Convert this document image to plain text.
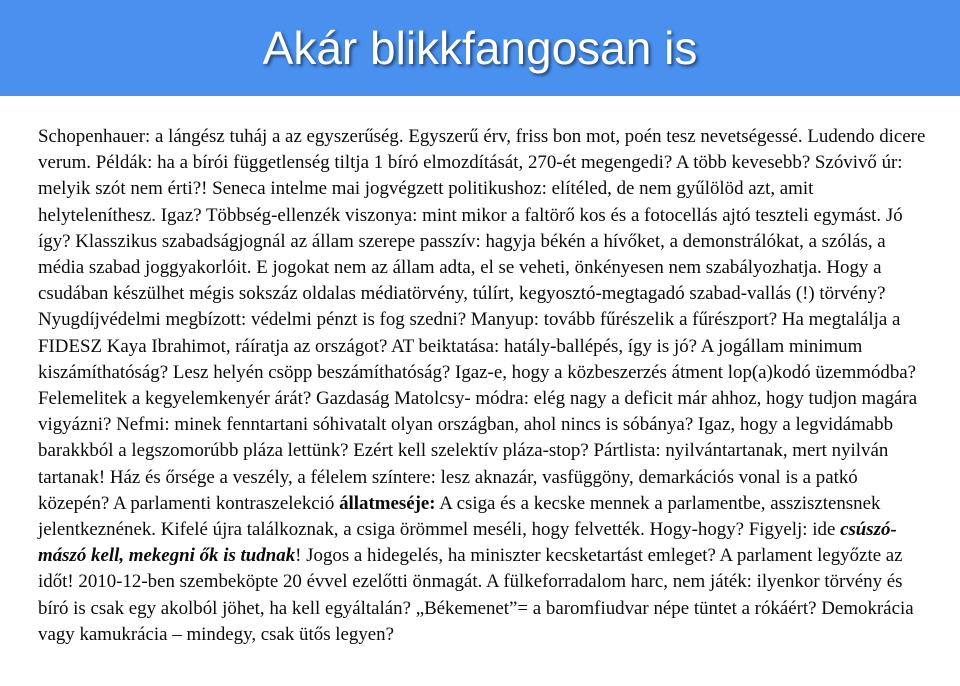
Akár blikkfangosan is
Schopenhauer: a lángész tuháj a az egyszerűség. Egyszerű érv, friss bon mot, poén tesz nevetségessé. Ludendo dicere verum. Példák: ha a bírói függetlenség tiltja 1 bíró elmozdítását, 270-ét megengedi? A több kevesebb? Szóvivő úr: melyik szót nem érti?! Seneca intelme mai jogvégzett politikushoz: elítéled, de nem gyűlölöd azt, amit helyteleníthesz. Igaz? Többség-ellenzék viszonya: mint mikor a faltörő kos és a fotocellás ajtó teszteli egymást. Jó így? Klasszikus szabadságjognál az állam szerepe passzív: hagyja békén a hívőket, a demonstrálókat, a szólás, a média szabad joggyakorlóit. E jogokat nem az állam adta, el se veheti, önkényesen nem szabályozhatja. Hogy a csudában készülhet mégis sokszáz oldalas médiatörvény, túlírt, kegyosztó-megtagadó szabad-vallás (!) törvény? Nyugdíjvédelmi megbízott: védelmi pénzt is fog szedni? Manyup: tovább fűrészelik a fűrészport? Ha megtalálja a FIDESZ Kaya Ibrahimot, ráíratja az országot? AT beiktatása: hatály-ballépés, így is jó? A jogállam minimum kiszámíthatóság? Lesz helyén csöpp beszámíthatóság? Igaz-e, hogy a közbeszerzés átment lop(a)kodó üzemmódba? Felemelitek a kegyelemkenyér árát? Gazdaság Matolcsy- módra: elég nagy a deficit már ahhoz, hogy tudjon magára vigyázni? Nefmi: minek fenntartani sóhivatalt olyan országban, ahol nincs is sóbánya? Igaz, hogy a legvidámabb barakkból a legszomorúbb pláza lettünk? Ezért kell szelektív pláza-stop? Pártlista: nyilvántartanak, mert nyilván tartanak! Ház és őrsége a veszély, a félelem színtere: lesz aknazár, vasfüggöny, demarkációs vonal is a patkó közepén? A parlamenti kontraszelekció állatmeséje: A csiga és a kecske mennek a parlamentbe, asszisztensnek jelentkeznének. Kifelé újra találkoznak, a csiga örömmel meséli, hogy felvették. Hogy-hogy? Figyelj: ide csúszó-mászó kell, mekegni ők is tudnak! Jogos a hidegelés, ha miniszter kecsketartást emleget? A parlament legyőzte az időt! 2010-12-ben szembeköpte 20 évvel ezelőtti önmagát. A fülkeforradalom harc, nem játék: ilyenkor törvény és bíró is csak egy akolból jöhet, ha kell egyáltalán? „Békemenet”= a baromfiudvar népe tüntet a rókáért? Demokrácia vagy kamukrácia – mindegy, csak ütős legyen?
